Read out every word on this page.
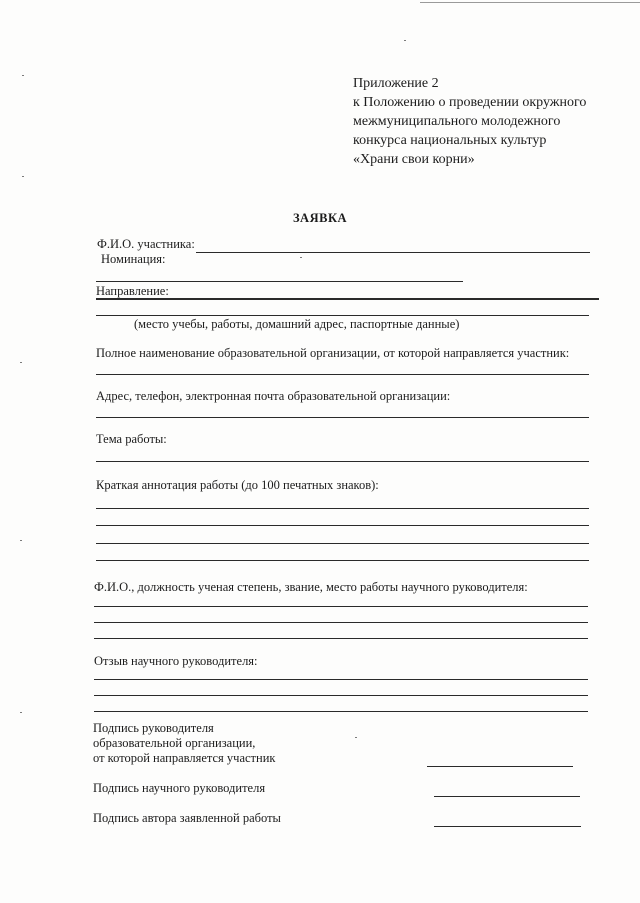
Приложение 2
к Положению о проведении окружного
межмуниципального молодежного
конкурса национальных культур
«Храни свои корни»
ЗАЯВКА
Ф.И.О. участника:
Номинация:
Направление:
(место учебы, работы, домашний адрес, паспортные данные)
Полное наименование образовательной организации, от которой направляется участник:
Адрес, телефон, электронная почта образовательной организации:
Тема работы:
Краткая аннотация работы (до 100 печатных знаков):
Ф.И.О., должность ученая степень, звание, место работы научного руководителя:
Отзыв научного руководителя:
Подпись руководителя
образовательной организации,
от которой направляется участник
Подпись научного руководителя
Подпись автора заявленной работы
